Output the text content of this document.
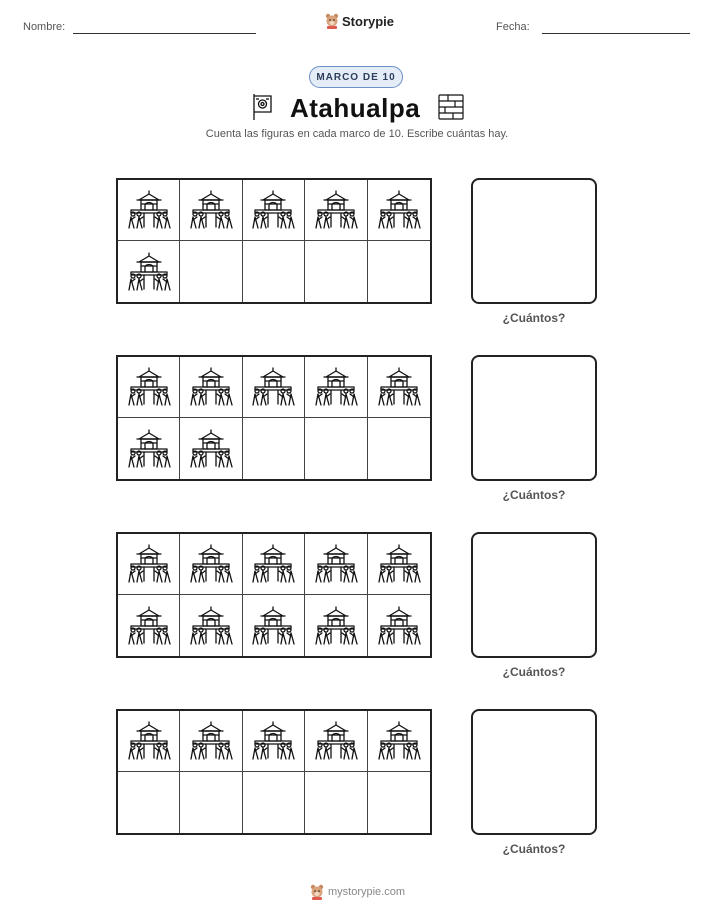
Nombre:	Storypie	Fecha:
MARCO DE 10
Atahualpa
Cuenta las figuras en cada marco de 10. Escribe cuántas hay.
¿Cuántos?
¿Cuántos?
¿Cuántos?
¿Cuántos?
mystorypie.com
